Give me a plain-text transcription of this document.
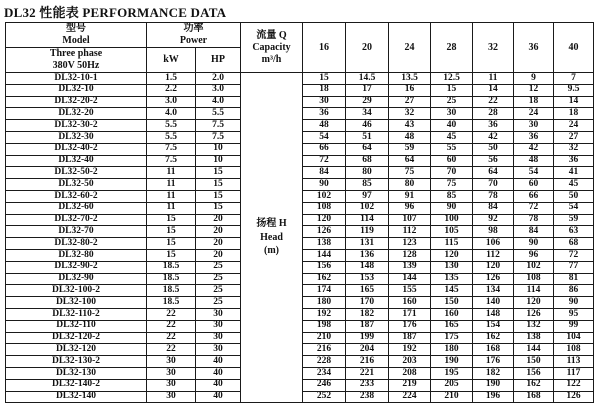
DL32 性能表 PERFORMANCE DATA
型号
Model

功率
Power	流量 Q
Capacity
m³/h
	16	20	24	28	32	36	40

Three phase
380V 50Hz	kW	HP								
DL32-10-1	1.5	2.0	扬程 H
Head
(m)	15	14.5	13.5	12.5	11	9	7
DL32-10	2.2	3.0		18	17	16	15	14	12	9.5
DL32-20-2	3.0	4.0		30	29	27	25	22	18	14
DL32-20	4.0	5.5		36	34	32	30	28	24	18
DL32-30-2	5.5	7.5		48	46	43	40	36	30	24
DL32-30	5.5	7.5		54	51	48	45	42	36	27
DL32-40-2	7.5	10		66	64	59	55	50	42	32
DL32-40	7.5	10		72	68	64	60	56	48	36
DL32-50-2	11	15		84	80	75	70	64	54	41
DL32-50	11	15		90	85	80	75	70	60	45
DL32-60-2	11	15		102	97	91	85	78	66	50
DL32-60	11	15		108	102	96	90	84	72	54
DL32-70-2	15	20		120	114	107	100	92	78	59
DL32-70	15	20		126	119	112	105	98	84	63
DL32-80-2	15	20		138	131	123	115	106	90	68
DL32-80	15	20		144	136	128	120	112	96	72
DL32-90-2	18.5	25		156	148	139	130	120	102	77
DL32-90	18.5	25		162	153	144	135	126	108	81
DL32-100-2	18.5	25		174	165	155	145	134	114	86
DL32-100	18.5	25		180	170	160	150	140	120	90
DL32-110-2	22	30		192	182	171	160	148	126	95
DL32-110	22	30		198	187	176	165	154	132	99
DL32-120-2	22	30		210	199	187	175	162	138	104
DL32-120	22	30		216	204	192	180	168	144	108
DL32-130-2	30	40		228	216	203	190	176	150	113
DL32-130	30	40		234	221	208	195	182	156	117
DL32-140-2	30	40		246	233	219	205	190	162	122
DL32-140	30	40		252	238	224	210	196	168	126
